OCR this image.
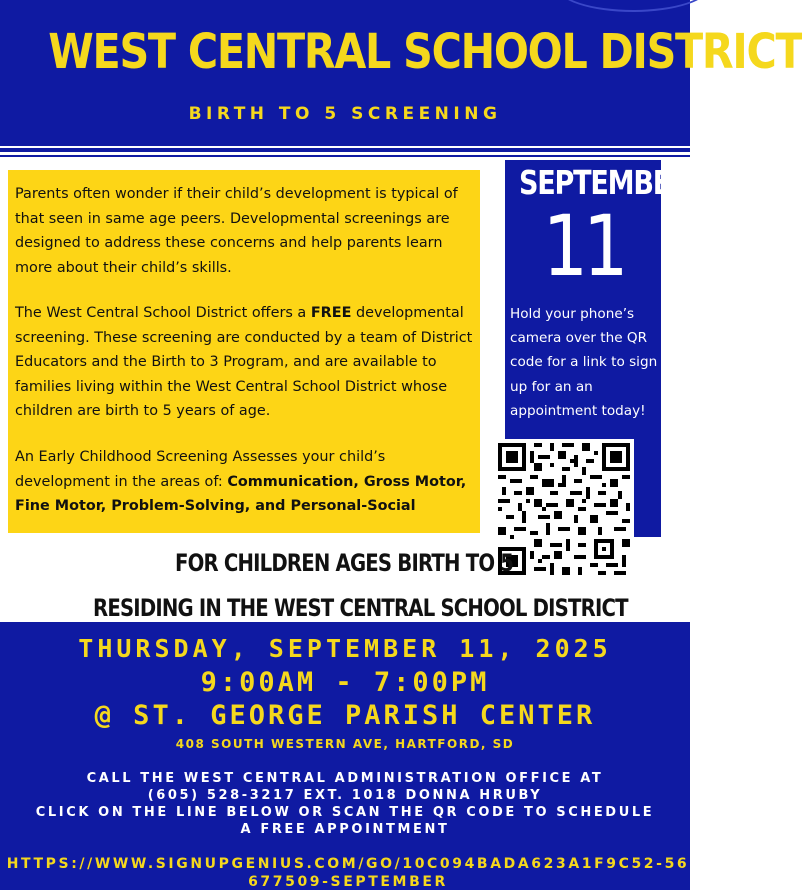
WEST CENTRAL SCHOOL DISTRICT
BIRTH TO 5 SCREENING

Parents often wonder if their child’s development is typical of that seen in same age peers. Developmental screenings are designed to address these concerns and help parents learn more about their child’s skills.

The West Central School District offers a FREE developmental screening. These screening are conducted by a team of District Educators and the Birth to 3 Program, and are available to families living within the West Central School District whose children are birth to 5 years of age.

An Early Childhood Screening Assesses your child’s development in the areas of: Communication, Gross Motor, Fine Motor, Problem-Solving, and Personal-Social

SEPTEMBER
11
Hold your phone’s camera over the QR code for a link to sign up for an an appointment today!
FOR CHILDREN AGES BIRTH TO 5
RESIDING IN THE WEST CENTRAL SCHOOL DISTRICT
THURSDAY, SEPTEMBER 11, 2025
9:00AM - 7:00PM
@ ST. GEORGE PARISH CENTER
408 SOUTH WESTERN AVE, HARTFORD, SD
CALL THE WEST CENTRAL ADMINISTRATION OFFICE AT
(605) 528-3217 EXT. 1018 DONNA HRUBY
CLICK ON THE LINE BELOW OR SCAN THE QR CODE TO SCHEDULE
A FREE APPOINTMENT
HTTPS://WWW.SIGNUPGENIUS.COM/GO/10C094BADA623A1F9C52-56677509-SEPTEMBER
